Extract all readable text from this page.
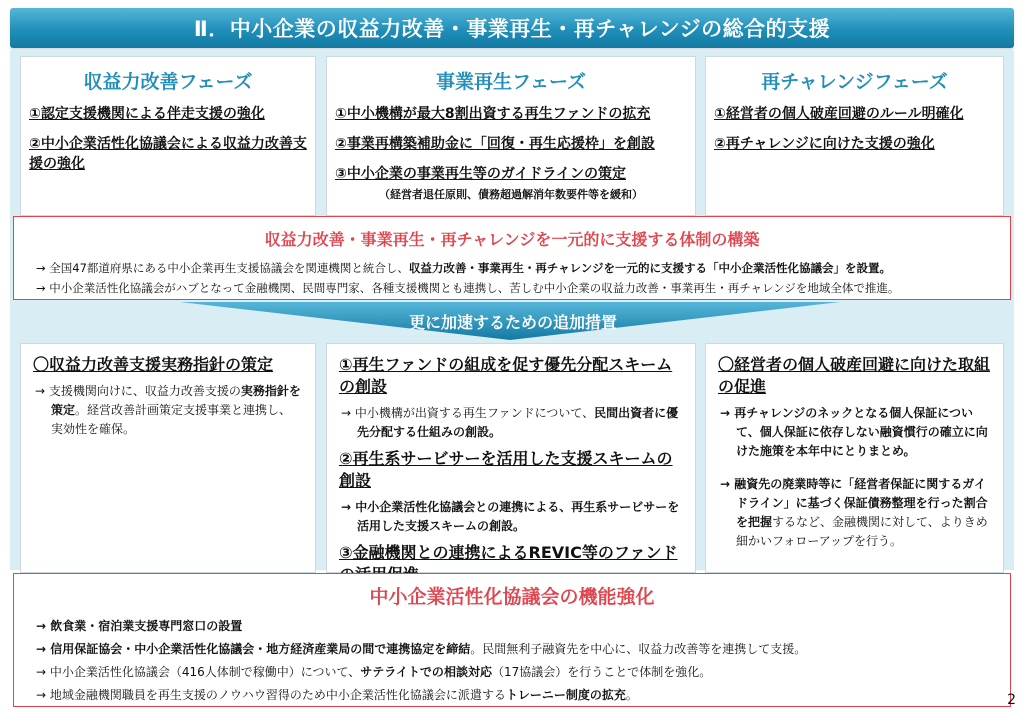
Ⅱ．中小企業の収益力改善・事業再生・再チャレンジの総合的支援
収益力改善フェーズ
①認定支援機関による伴走支援の強化
②中小企業活性化協議会による収益力改善支援の強化
事業再生フェーズ
①中小機構が最大8割出資する再生ファンドの拡充
②事業再構築補助金に「回復・再生応援枠」を創設
③中小企業の事業再生等のガイドラインの策定
（経営者退任原則、債務超過解消年数要件等を緩和）
再チャレンジフェーズ
①経営者の個人破産回避のルール明確化
②再チャレンジに向けた支援の強化
収益力改善・事業再生・再チャレンジを一元的に支援する体制の構築
→ 全国47都道府県にある中小企業再生支援協議会を関連機関と統合し、収益力改善・事業再生・再チャレンジを一元的に支援する「中小企業活性化協議会」を設置。
→ 中小企業活性化協議会がハブとなって金融機関、民間専門家、各種支援機関とも連携し、苦しむ中小企業の収益力改善・事業再生・再チャレンジを地域全体で推進。
更に加速するための追加措置
〇収益力改善支援実務指針の策定
→ 支援機関向けに、収益力改善支援の実務指針を策定。経営改善計画策定支援事業と連携し、実効性を確保。
①再生ファンドの組成を促す優先分配スキームの創設
→ 中小機構が出資する再生ファンドについて、民間出資者に優先分配する仕組みの創設。
②再生系サービサーを活用した支援スキームの創設
→ 中小企業活性化協議会との連携による、再生系サービサーを活用した支援スキームの創設。
③金融機関との連携によるREVIC等のファンド
〇経営者の個人破産回避に向けた取組の促進
→ 再チャレンジのネックとなる個人保証について、個人保証に依存しない融資慣行の確立に向けた施策を本年中にとりまとめ。
→ 融資先の廃業時等に「経営者保証に関するガイドライン」に基づく保証債務整理を行った割合を把握するなど、金融機関に対して、よりきめ細かいフォローアップを行う。
中小企業活性化協議会の機能強化
→ 飲食業・宿泊業支援専門窓口の設置
→ 信用保証協会・中小企業活性化協議会・地方経済産業局の間で連携協定を締結。民間無利子融資先を中心に、収益力改善等を連携して支援。
→ 中小企業活性化協議会（416人体制で稼働中）について、サテライトでの相談対応（17協議会）を行うことで体制を強化。
→ 地域金融機関職員を再生支援のノウハウ習得のため中小企業活性化協議会に派遣するトレーニー制度の拡充。	2
